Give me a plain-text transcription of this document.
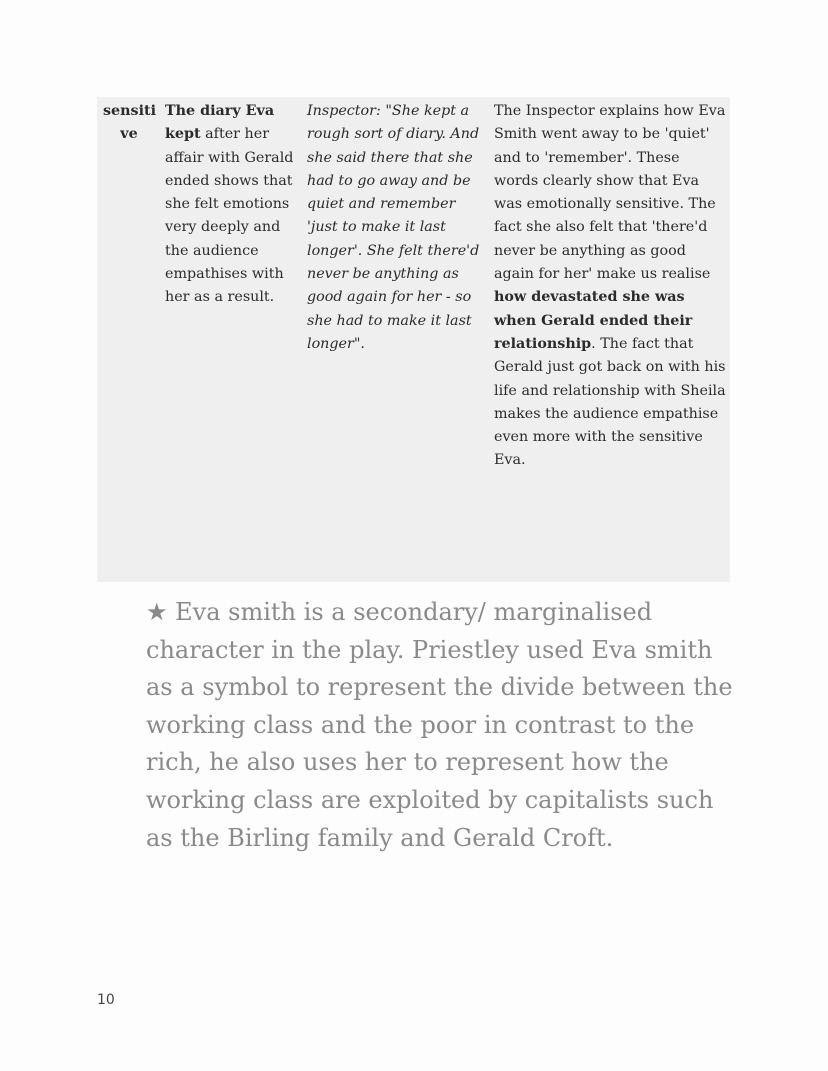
sensiti
ve
The diary Eva kept after her affair with Gerald ended shows that she felt emotions very deeply and the audience empathises with her as a result.
Inspector: "She kept a rough sort of diary. And she said there that she had to go away and be quiet and remember 'just to make it last longer'. She felt there'd never be anything as good again for her - so she had to make it last longer".
The Inspector explains how Eva Smith went away to be 'quiet' and to 'remember'. These words clearly show that Eva was emotionally sensitive. The fact she also felt that 'there'd never be anything as good again for her' make us realise how devastated she was when Gerald ended their relationship. The fact that Gerald just got back on with his life and relationship with Sheila makes the audience empathise even more with the sensitive Eva.
★ Eva smith is a secondary/ marginalised character in the play. Priestley used Eva smith as a symbol to represent the divide between the working class and the poor in contrast to the rich, he also uses her to represent how the working class are exploited by capitalists such as the Birling family and Gerald Croft.
10
